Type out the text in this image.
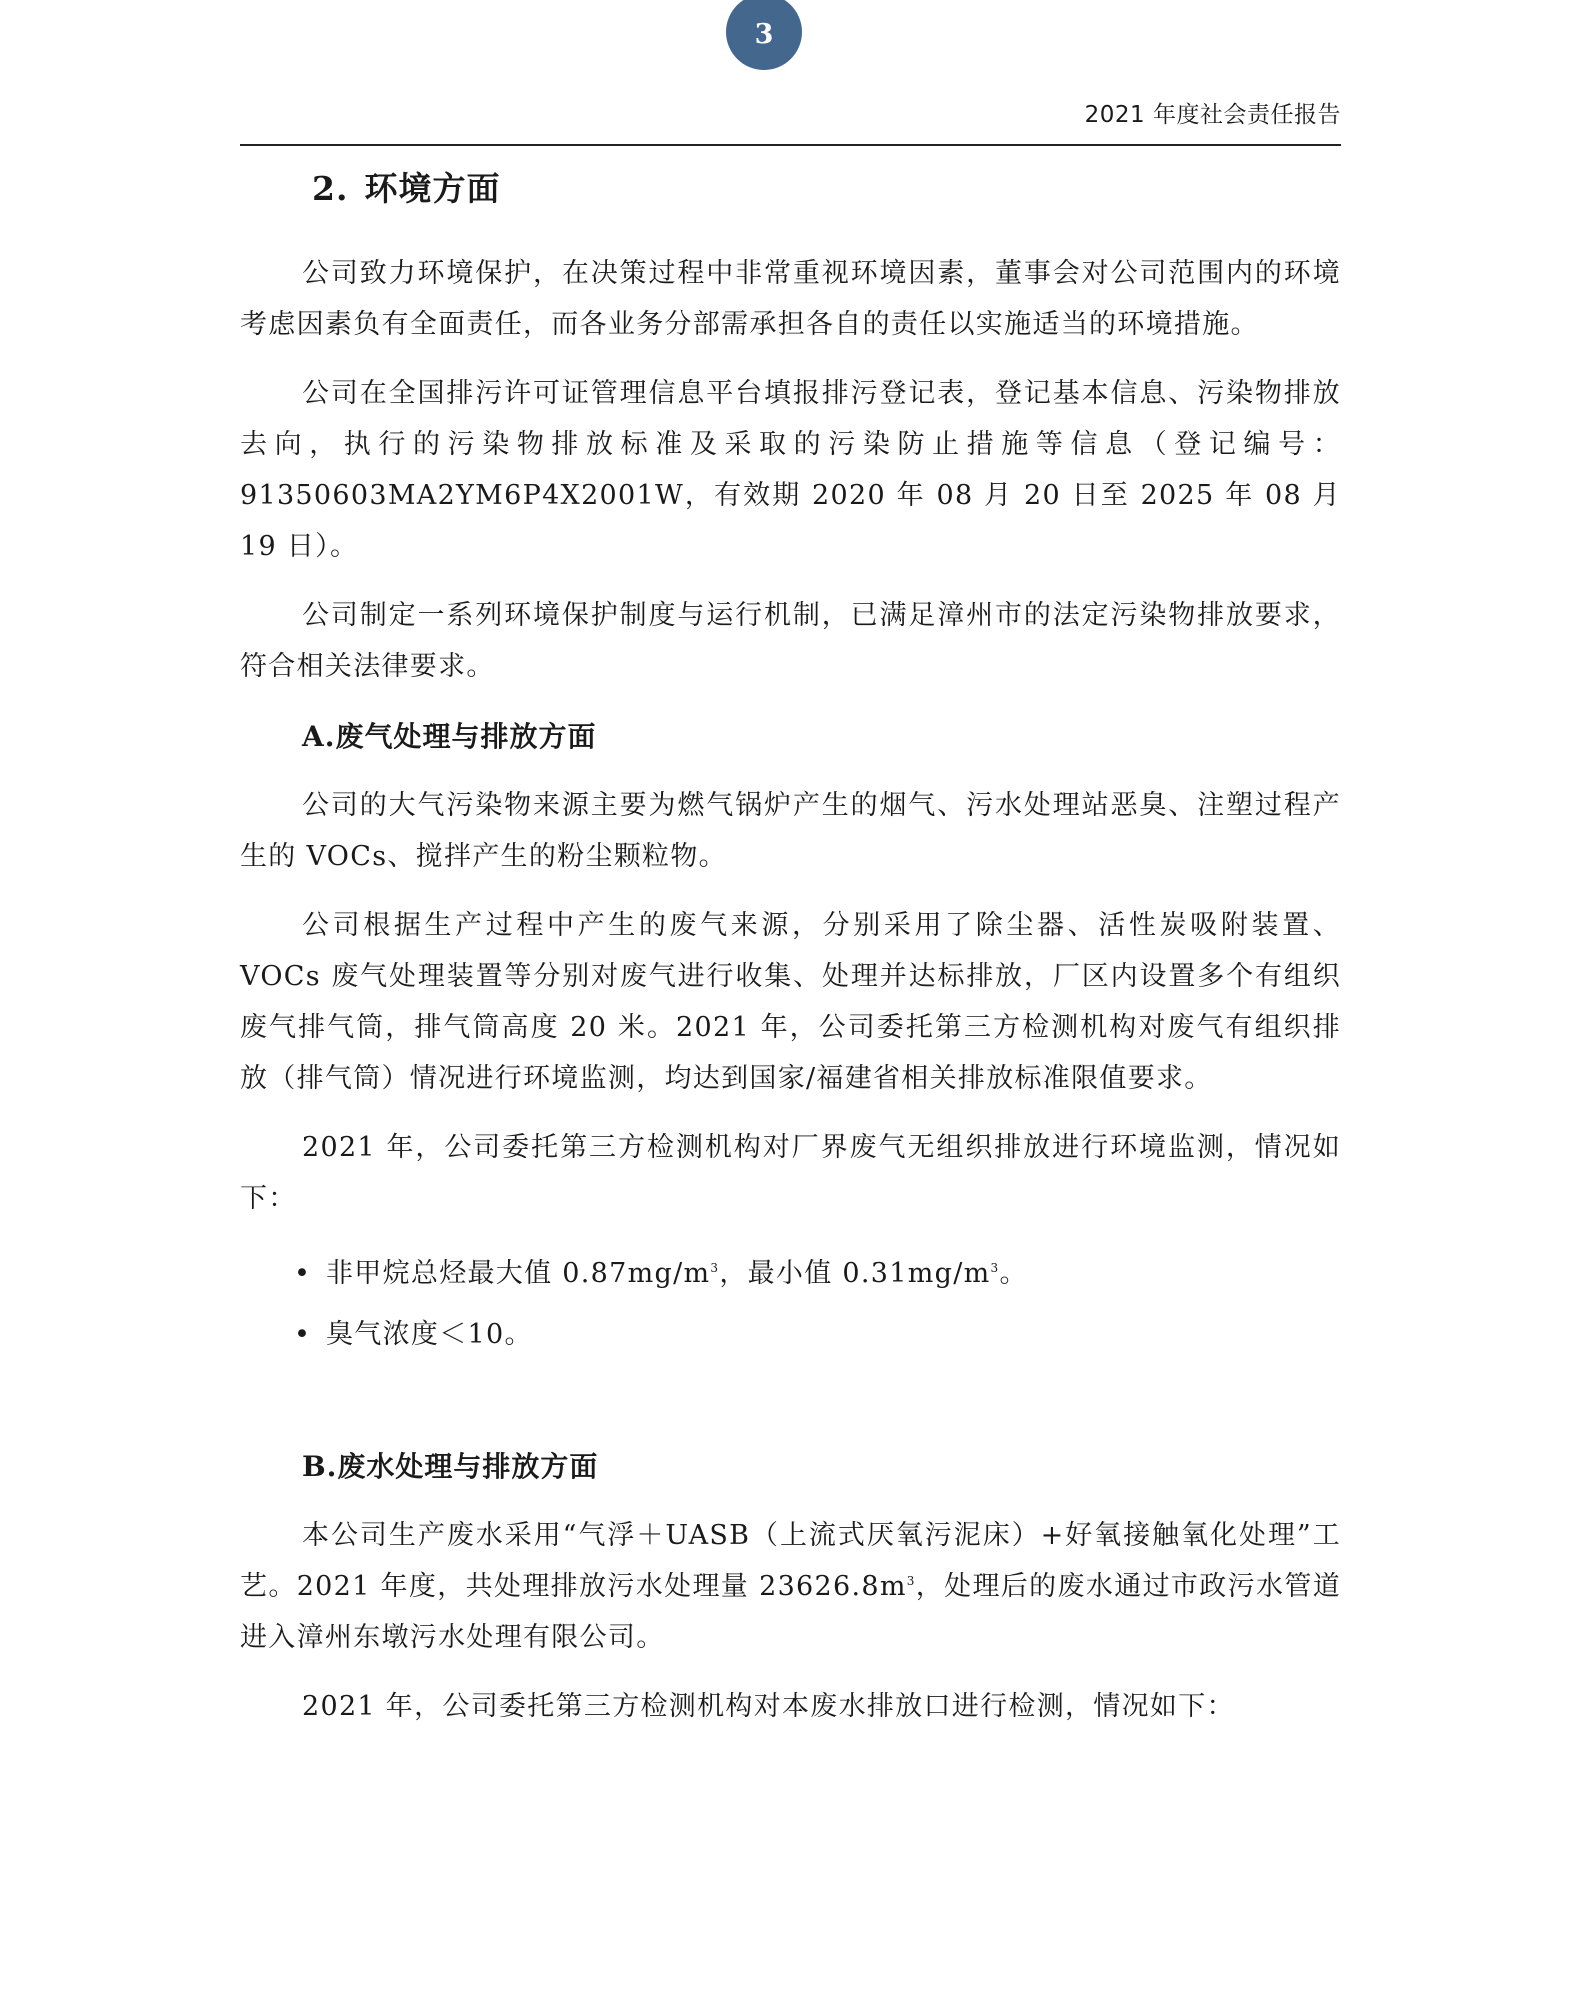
3
2021 年度社会责任报告
2. 环境方面

公司致力环境保护，在决策过程中非常重视环境因素，董事会对公司范围内的环境考虑因素负有全面责任，而各业务分部需承担各自的责任以实施适当的环境措施。

公司在全国排污许可证管理信息平台填报排污登记表，登记基本信息、污染物排放去向，执行的污染物排放标准及采取的污染防止措施等信息（登记编号：91350603MA2YM6P4X2001W，有效期 2020 年 08 月 20 日至 2025 年 08 月 19 日）。

公司制定一系列环境保护制度与运行机制，已满足漳州市的法定污染物排放要求，符合相关法律要求。

A.废气处理与排放方面

公司的大气污染物来源主要为燃气锅炉产生的烟气、污水处理站恶臭、注塑过程产生的 VOCs、搅拌产生的粉尘颗粒物。

公司根据生产过程中产生的废气来源，分别采用了除尘器、活性炭吸附装置、VOCs 废气处理装置等分别对废气进行收集、处理并达标排放，厂区内设置多个有组织废气排气筒，排气筒高度 20 米。2021 年，公司委托第三方检测机构对废气有组织排放（排气筒）情况进行环境监测，均达到国家/福建省相关排放标准限值要求。

2021 年，公司委托第三方检测机构对厂界废气无组织排放进行环境监测，情况如下：

• 非甲烷总烃最大值 $0.87mg/m^3$，最小值 $0.31mg/m^3$。
• 臭气浓度＜10。
B.废水处理与排放方面

本公司生产废水采用“气浮＋UASB（上流式厌氧污泥床）+好氧接触氧化处理”工艺。2021 年度，共处理排放污水处理量 $23626.8m^3$，处理后的废水通过市政污水管道进入漳州东墩污水处理有限公司。

2021 年，公司委托第三方检测机构对本废水排放口进行检测，情况如下：
